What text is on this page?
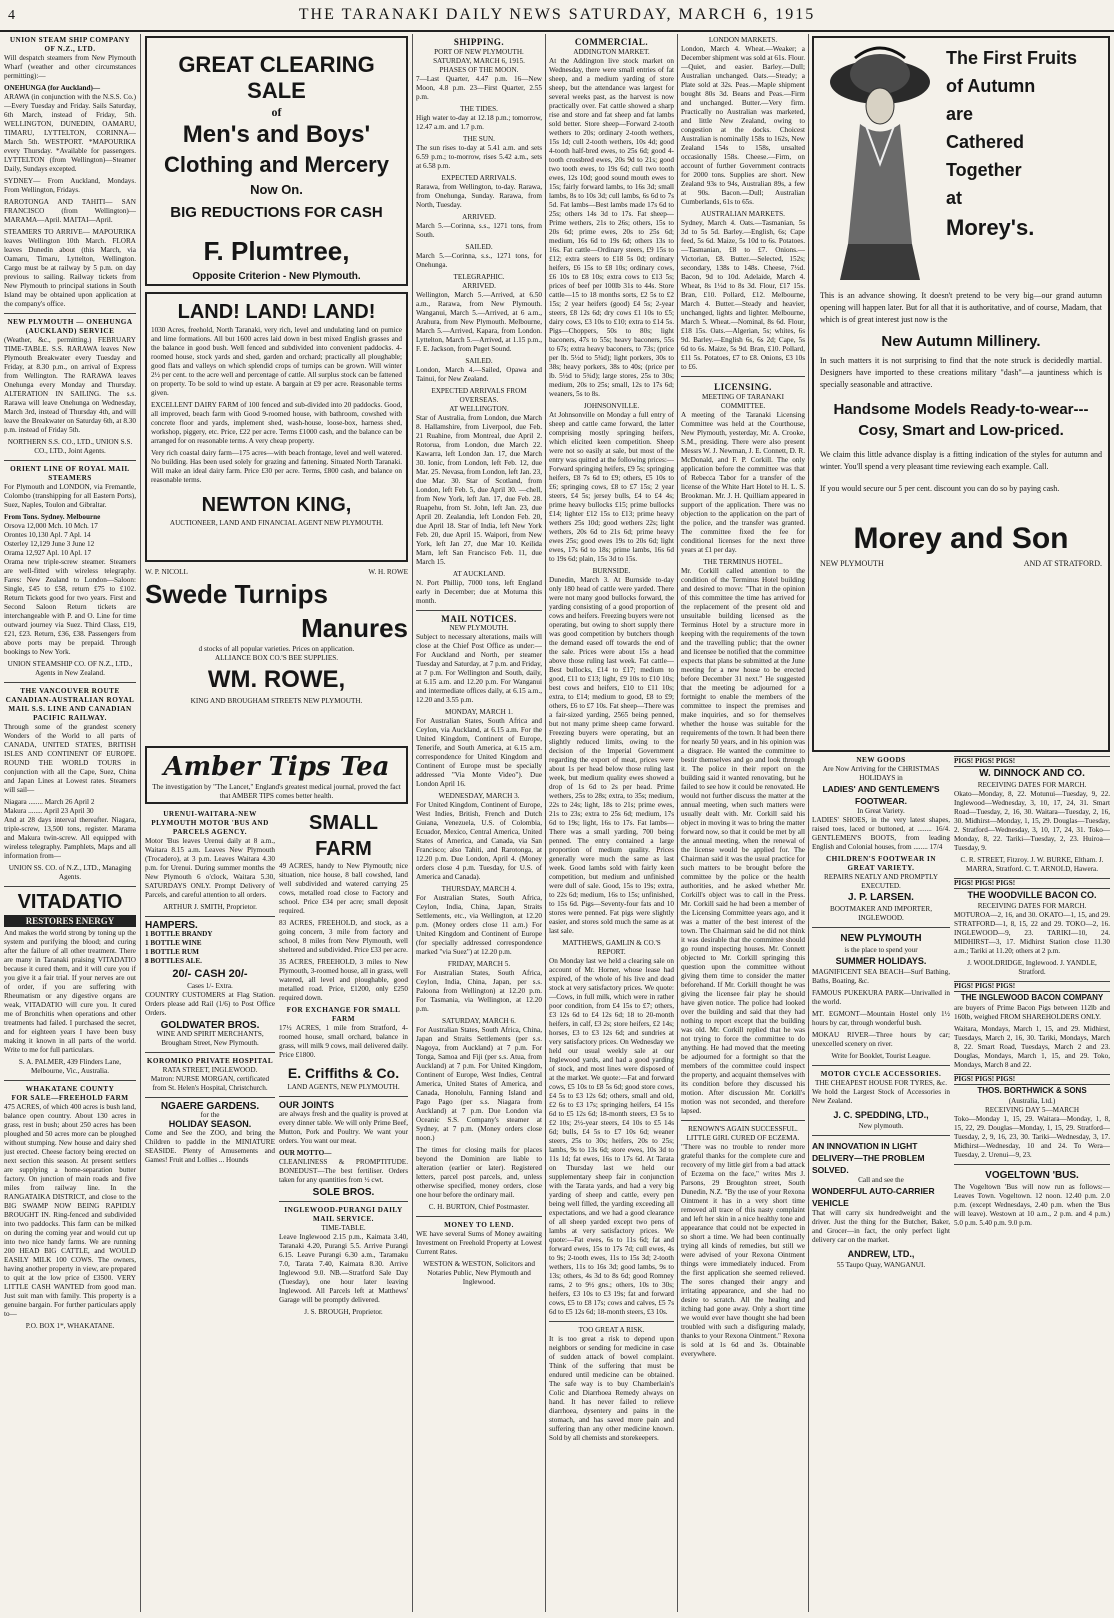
4	THE TARANAKI DAILY NEWS SATURDAY, MARCH 6, 1915
UNION STEAM SHIP COMPANY OF N.Z., LTD.
Will despatch steamers from New Plymouth Wharf (weather and other circumstances permitting):—
ONEHUNGA (for Auckland)—
ARAWA (in conjunction with the N.S.S. Co.)—Every Tuesday and Friday. Sails Saturday, 6th March, instead of Friday, 5th. WELLINGTON, DUNEDIN, OAMARU, TIMARU, LYTTELTON, CORINNA—March 5th. WESTPORT. *MAPOURIKA every Thursday. *Available for passengers. LYTTELTON (from Wellington)—Steamer Daily, Sundays excepted.
SYDNEY— From Auckland, Mondays. From Wellington, Fridays.
RAROTONGA AND TAHITI— SAN FRANCISCO (from Wellington)— MARAMA—April. MAITAI—April.
STEAMERS TO ARRIVE— MAPOURIKA leaves Wellington 10th March. FLORA leaves Dunedin about (this March, via Oamaru, Timaru, Lyttelton, Wellington. Cargo must be at railway by 5 p.m. on day previous to sailing. Railway tickets from New Plymouth to principal stations in South Island may be obtained upon application at the company's office.
NEW PLYMOUTH — ONEHUNGA (AUCKLAND) SERVICE
(Weather, &c., permitting.) FEBRUARY TIME-TABLE. S.S. RARAWA leaves New Plymouth Breakwater every Tuesday and Friday, at 8.30 p.m., on arrival of Express from Wellington. The RARAWA leaves Onehunga every Monday and Thursday. ALTERATION IN SAILING. The s.s. Rarawa will leave Onehunga on Wednesday, March 3rd, instead of Thursday 4th, and will leave the Breakwater on Saturday 6th, at 8.30 p.m. instead of Friday 5th.
NORTHERN S.S. CO., LTD., UNION S.S. CO., LTD., Joint Agents.
ORIENT LINE OF ROYAL MAIL STEAMERS
For Plymouth and LONDON, via Fremantle, Colombo (transhipping for all Eastern Ports), Suez, Naples, Toulon and Gibraltar.
From Tons. Sydney. Melbourne
Orsova 12,000 Mch. 10 Mch. 17
Orontes 10,130 Apl. 7 Apl. 14
Osterley 12,129 June 3 June 12
Orama 12,927 Apl. 10 Apl. 17
Orama new triple-screw steamer. Steamers are well-fitted with wireless telegraphy. Fares: New Zealand to London—Saloon: Single, £45 to £58, return £75 to £102. Return Tickets good for two years. First and Second Saloon Return tickets are interchangeable with P. and O. Line for time outward journey via Suez. Third Class, £19, £21, £23. Return, £36, £38. Passengers from above ports may be prepaid. Through bookings to New York.
UNION STEAMSHIP CO. OF N.Z., LTD., Agents in New Zealand.
THE VANCOUVER ROUTE CANADIAN-AUSTRALIAN ROYAL MAIL S.S. LINE AND CANADIAN PACIFIC RAILWAY.
Through some of the grandest scenery Wonders of the World to all parts of CANADA, UNITED STATES, BRITISH ISLES AND CONTINENT OF EUROPE. ROUND THE WORLD TOURS in conjunction with all the Cape, Suez, China and Japan Lines at Lowest rates. Steamers will sail—
Niagara ........ March 26 April 2
Makura ........ April 23 April 30
And at 28 days interval thereafter. Niagara, triple-screw, 13,500 tons, register. Marama and Makura twin-screw. All equipped with wireless telegraphy. Pamphlets, Maps and all information from—
UNION SS. CO. of N.Z., LTD., Managing Agents.
VITADATIO
RESTORES ENERGY
And makes the world strong by toning up the system and purifying the blood; and curing after the failure of all other treatment. There are many in Taranaki praising VITADATIO because it cured them, and it will cure you if you give it a fair trial. If your nerves are out of order, if you are suffering with Rheumatism or any digestive organs are weak, VITADATIO will cure you. It cured me of Bronchitis when operations and other treatments had failed. I purchased the secret, and for eighteen years I have been busy making it known in all parts of the world. Write to me for full particulars.
S. A. PALMER, 439 Flinders Lane, Melbourne, Vic., Australia.
WHAKATANE COUNTY
FOR SALE—FREEHOLD FARM
475 ACRES, of which 400 acres is bush land, balance open country. About 130 acres in grass, rest in bush; about 250 acres has been ploughed and 50 acres more can be ploughed without stumping. New house and dairy shed just erected. Cheese factory being erected on next section this season. At present settlers are supplying a home-separation butter factory. On junction of main roads and five miles from railway line. In the RANGATAIKA DISTRICT, and close to the BIG SWAMP NOW BEING RAPIDLY BROUGHT IN. Ring-fenced and subdivided into two paddocks. This farm can be milked on during the coming year and would cut up into two nice handy farms. We are running 200 HEAD BIG CATTLE, and WOULD EASILY MILK 100 COWS. The owners, having another property in view, are prepared to quit at the low price of £3500. VERY LITTLE CASH WANTED from good man. Just suit man with family. This property is a genuine bargain. For further particulars apply to—
P.O. BOX 1*, WHAKATANE.
GREAT CLEARING SALE
of
Men's and Boys'
Clothing and Mercery
Now On.
BIG REDUCTIONS FOR CASH
F. Plumtree,
Opposite Criterion - New Plymouth.
LAND! LAND! LAND!
1030 Acres, freehold, North Taranaki, very rich, level and undulating land on pumice and lime formations. All but 1600 acres laid down in best mixed English grasses and the balance in good bush. Well fenced and subdivided into convenient paddocks. 4-roomed house, stock yards and shed, garden and orchard; practically all ploughable; good flats and valleys on which splendid crops of turnips can be grown. Will winter 2½ per cent. to the acre well and percentage of cattle. All surplus stock can be fattened on property. To be sold to wind up estate. A bargain at £9 per acre. Reasonable terms given.
EXCELLENT DAIRY FARM of 100 fenced and sub-divided into 20 paddocks. Good, all improved, beach farm with Good 9-roomed house, with bathroom, cowshed with concrete floor and yards, implement shed, wash-house, loose-box, harness shed, workshop, piggery, etc. Price, £22 per acre. Terms £1000 cash, and the balance can be arranged for on reasonable terms. A very cheap property.
Very rich coastal dairy farm—175 acres—with beach frontage, level and well watered. No building. Has been used solely for grazing and fattening. Situated North Taranaki. Will make an ideal dairy farm. Price £30 per acre. Terms, £800 cash, and balance on reasonable terms.
NEWTON KING,
AUCTIONEER, LAND AND FINANCIAL AGENT NEW PLYMOUTH.
W. P. NICOLL	W. H. ROWE
Swede Turnips
Manures
d stocks of all popular varieties. Prices on application.
ALLIANCE BOX CO.'S BEE SUPPLIES.
WM. ROWE,
KING AND BROUGHAM STREETS NEW PLYMOUTH.
Amber Tips Tea
The investigation by "The Lancet," England's greatest medical journal, proved the fact that AMBER TIPS comes better health.
URENUI-WAITARA-NEW PLYMOUTH MOTOR 'BUS AND PARCELS AGENCY.
Motor 'Bus leaves Urenui daily at 8 a.m., Waitara 8.15 a.m. Leaves New Plymouth (Trocadero), at 3 p.m. Leaves Waitara 4.30 p.m. for Urenui. During summer months the New Plymouth 6 o'clock, Waitara 5.30, SATURDAYS ONLY. Prompt Delivery of Parcels, and careful attention to all orders.
ARTHUR J. SMITH, Proprietor.
HAMPERS.
1 BOTTLE BRANDY
1 BOTTLE WINE
1 BOTTLE RUM
8 BOTTLES ALE.
20/- CASH 20/-
Cases 1/- Extra.
COUNTRY CUSTOMERS at Flag Station. Orders please add Rail (1/6) to Post Office Orders.
GOLDWATER BROS.
WINE AND SPIRIT MERCHANTS,
Brougham Street, New Plymouth.
KOROMIKO PRIVATE HOSPITAL
RATA STREET, INGLEWOOD.
Matron: NURSE MORGAN, certificated from St. Helen's Hospital, Christchurch.
NGAERE GARDENS.
for the
HOLIDAY SEASON.
Come and See the ZOO, and bring the Children to paddle in the MINIATURE SEASIDE. Plenty of Amusements and Games! Fruit and Lollies ... Hounds
SMALL FARM
49 ACRES, handy to New Plymouth; nice situation, nice house, 8 ball cowshed, land well subdivided and watered carrying 25 cows, metalled road close to Factory and school. Price £34 per acre; small deposit required.
83 ACRES, FREEHOLD, and stock, as a going concern, 3 mile from factory and school, 8 miles from New Plymouth, well sheltered and subdivided. Price £33 per acre.
35 ACRES, FREEHOLD, 3 miles to New Plymouth, 3-roomed house, all in grass, well watered, all level and ploughable, good metalled road. Price, £1200, only £250 required down.
FOR EXCHANGE FOR SMALL FARM
17½ ACRES, 1 mile from Stratford, 4-roomed house, small orchard, balance in grass, will milk 9 cows, mail delivered daily. Price £1800.
E. Criffiths & Co.
LAND AGENTS, NEW PLYMOUTH.
OUR JOINTS
are always fresh and the quality is proved at every dinner table. We will only Prime Beef, Mutton, Pork and Poultry. We want your orders. You want our meat.
OUR MOTTO—
CLEANLINESS & PROMPTITUDE. BONEDUST—The best fertiliser. Orders taken for any quantities from ½ cwt.
SOLE BROS.
INGLEWOOD-PURANGI DAILY MAIL SERVICE.
TIME-TABLE.
Leave Inglewood 2.15 p.m., Kaimata 3.40, Taranaki 4.20, Purangi 5.5. Arrive Purangi 6.15. Leave Purangi 6.30 a.m., Taramaku 7.0, Tarata 7.40, Kaimata 8.30. Arrive Inglewood 9.0. NB.—Stratford Sale Day (Tuesday), one hour later leaving Inglewood. All Parcels left at Matthews' Garage will be promptly delivered.
J. S. BROUGH, Proprietor.
SHIPPING.
PORT OF NEW PLYMOUTH.
SATURDAY, MARCH 6, 1915.
PHASES OF THE MOON.
7—Last Quarter, 4.47 p.m. 16—New Moon, 4.8 p.m. 23—First Quarter, 2.55 p.m.
THE TIDES.
High water to-day at 12.18 p.m.; tomorrow, 12.47 a.m. and 1.7 p.m.
THE SUN.
The sun rises to-day at 5.41 a.m. and sets 6.59 p.m.; to-morrow, rises 5.42 a.m., sets at 6.58 p.m.
EXPECTED ARRIVALS.
Rarawa, from Wellington, to-day. Rarawa, from Onehunga, Sunday. Rarawa, from North, Tuesday.
ARRIVED.
March 5.—Corinna, s.s., 1271 tons, from South.
SAILED.
March 5.—Corinna, s.s., 1271 tons, for Onehunga.
TELEGRAPHIC.
ARRIVED.
Wellington, March 5.—Arrived, at 6.50 a.m., Rarawa, from New Plymouth. Wanganui, March 5.—Arrived, at 6 a.m., Arahura, from New Plymouth. Melbourne, March 5.—Arrived, Kapara, from London. Lyttelton, March 5.—Arrived, at 1.15 p.m., F. E. Jackson, from Puget Sound.
SAILED.
London, March 4.—Sailed, Opawa and Tainui, for New Zealand.
EXPECTED ARRIVALS FROM OVERSEAS.
AT WELLINGTON.
Star of Australia, from London, due March 8. Hallamshire, from Liverpool, due Feb. 21 Ruahine, from Montreal, due April 2. Rotorua, from London, due March 22. Kawarra, left London Jan. 17, due March 30. Ionic, from London, left Feb. 12, due Mar. 25. Nevasa, from London, left Jan. 23, due Mar. 30. Star of Scotland, from London, left Feb. 5, due April 30. —chell, from New York, left Jan. 17, due Feb. 28. Ruapehu, from St. John, left Jan. 23, due April 20. Zealandia, left London Feb. 20, due April 18. Star of India, left New York Feb. 20, due April 15. Waipori, from New York, left Jan 27, due Mar 10. Keilida Marn, left San Francisco Feb. 11, due March 15.
AT AUCKLAND.
N. Port Phillip, 7000 tons, left England early in December; due at Motuma this month.
MAIL NOTICES.
NEW PLYMOUTH.
Subject to necessary alterations, mails will close at the Chief Post Office as under:— For Auckland and North, per steamer Tuesday and Saturday, at 7 p.m. and Friday, at 7 p.m. For Wellington and South, daily, at 6.15 a.m. and 12.20 p.m. For Wanganui and intermediate offices daily, at 6.15 a.m., 12.20 and 3.55 p.m.
MONDAY, MARCH 1.
For Australian States, South Africa and Ceylon, via Auckland, at 6.15 a.m. For the United Kingdom, Continent of Europe, Tenerife, and South America, at 6.15 a.m. correspondence for United Kingdom and Continent of Europe must be specially addressed "Via Monte Video"). Due London April 16.
WEDNESDAY, MARCH 3.
For United Kingdom, Continent of Europe, West Indies, British, French and Dutch Guiana, Venezuela, U.S. of Colombia, Ecuador, Mexico, Central America, United States of America, and Canada, via San Francisco; also Tahiti, and Rarotonga, at 12.20 p.m. Due London, April 4. (Money orders close 4 p.m. Tuesday, for U.S. of America and Canada).
THURSDAY, MARCH 4.
For Australian States, South Africa, Ceylon, India, China, Japan, Straits Settlements, etc., via Wellington, at 12.20 p.m. (Money orders close 11 a.m.) For United Kingdom and Continent of Europe (for specially addressed correspondence marked "via Suez") at 12.20 p.m.
FRIDAY, MARCH 5.
For Australian States, South Africa, Ceylon, India, China, Japan, per s.s. Paloona from Wellington) at 12.20 p.m. For Tasmania, via Wellington, at 12.20 p.m.
SATURDAY, MARCH 6.
For Australian States, South Africa, China, Japan and Straits Settlements (per s.s. Nagoya, from Auckland) at 7 p.m. For Tonga, Samoa and Fiji (per s.s. Atua, from Auckland) at 7 p.m. For United Kingdom, Continent of Europe, West Indies, Central America, United States of America, and Canada, Honolulu, Fanning Island and Pago Pago (per s.s. Niagara from Auckland) at 7 p.m. Due London via Oceanic S.S. Company's steamer at Sydney, at 7 p.m. (Money orders close noon.)
The times for closing mails for places beyond the Dominion are liable to alteration (earlier or later). Registered letters, parcel post parcels, and, unless otherwise specified, money orders, close one hour before the ordinary mail.
C. H. BURTON, Chief Postmaster.
MONEY TO LEND.
WE have several Sums of Money awaiting Investment on Freehold Property at Lowest Current Rates.
WESTON & WESTON, Solicitors and Notaries Public, New Plymouth and Inglewood.
COMMERCIAL.
ADDINGTON MARKET.
At the Addington live stock market on Wednesday, there were small entries of fat sheep, and a medium yarding of store sheep, but the attendance was largest for several weeks past, as the harvest is now practically over. Fat cattle showed a sharp rise and store and fat sheep and fat lambs sold better. Store sheep—Forward 2-tooth wethers to 20s; ordinary 2-tooth wethers, 15s 1d; cull 2-tooth wethers, 10s 4d; good 4-tooth half-bred ewes, to 25s 6d; good 4-tooth crossbred ewes, 20s 9d to 21s; good two tooth ewes, to 19s 6d; cull two tooth ewes, 12s 10d; good sound mouth ewes to 15s; fairly forward lambs, to 16s 3d; small lambs, 8s to 10s 3d; cull lambs, 6s 6d to 7s 5d. Fat lambs—Best lambs made 17s 6d to 25s; others 14s 3d to 17s. Fat sheep—Prime wethers, 21s to 26s; others, 15s to 20s 6d; prime ewes, 20s to 25s 6d; medium, 16s 6d to 19s 6d; others 13s to 16s. Fat cattle—Ordinary steers, £9 15s to £12; extra steers to £18 5s 0d; ordinary heifers, £6 15s to £8 10s; ordinary cows, £6 10s to £8 10s; extra cows to £13 5s; prices of beef per 100lb 31s to 44s. Store cattle—15 to 18 months sorts, £2 5s to £2 15s; 2 year heifers (good) £4 5s; 2-year steers, £8 12s 6d; dry cows £1 10s to £5; dairy cows, £3 10s to £10; extra to £14 5s. Pigs—Choppers, 50s to 80s; light baconers, 47s to 55s; heavy baconers, 55s to 67s; extra heavy baconers, to 73s; (price per lb. 5½d to 5¾d); light porkers, 30s to 38s; heavy porkers, 38s to 40s; (price per lb. 5½d to 5¾d); large stores, 25s to 30s; medium, 20s to 25s; small, 12s to 17s 6d; weaners, 5s to 8s.
JOHNSONVILLE.
At Johnsonville on Monday a full entry of sheep and cattle came forward, the latter comprising mostly springing heifers, which elicited keen competition. Sheep were not so easily at sale, but most of the entry was quitted at the following prices:—Forward springing heifers, £9 5s; springing heifers, £8 7s 6d to £9; others, £5 10s to £6; springing cows, £8 to £7 15s; 2 year steers, £4 5s; jersey bulls, £4 to £4 4s; prime heavy bullocks £15; prime bullocks £14; lighter £12 15s to £13; prime heavy wethers 25s 10d; good wethers 22s; light wethers, 20s 6d to 21s 6d; prime heavy ewes 25s; good ewes 19s to 20s 6d; light ewes, 17s 6d to 18s; prime lambs, 16s 6d to 19s 6d; plain, 15s 3d to 15s.
BURNSIDE.
Dunedin, March 3. At Burnside to-day only 180 head of cattle were yarded. There were not many good bullocks forward, the yarding consisting of a good proportion of cows and heifers. Freezing buyers were not operating, but owing to short supply there was good competition by butchers though the demand eased off towards the end of the sale. Prices were about 15s a head above those ruling last week. Fat cattle—Best bullocks, £14 to £17; medium to good, £11 to £13; light, £9 10s to £10 10s; best cows and heifers, £10 to £11 10s; extra, to £14; medium to good, £8 to £9; others, £6 to £7 10s. Fat sheep—There was a fair-sized yarding, 2565 being penned, but not many prime sheep came forward. Freezing buyers were operating, but an slightly reduced limits, owing to the decision of the Imperial Government regarding the export of meat, prices were about 1s per head below those ruling last week, but medium quality ewes showed a drop of 1s 6d to 2s per head. Prime wethers, 25s to 28s; extra, to 35s; medium, 22s to 24s; light, 18s to 21s; prime ewes, 21s to 23s; extra to 25s 6d; medium, 17s 6d to 19s; light, 16s to 17s. Fat lambs—There was a small yarding, 700 being penned. The entry contained a large proportion of medium quality. Prices generally were much the same as last week. Good lambs sold with fairly keen competition, but medium and unfinished were dull of sale. Good, 15s to 19s; extra, to 22s 6d; medium, 16s to 15s; unfinished, to 15s 6d. Pigs—Seventy-four fats and 10 stores were penned. Fat pigs were slightly easier, and stores sold much the same as at last sale.
MATTHEWS, GAMLIN & CO.'S REPORT.
On Monday last we held a clearing sale on account of Mr. Horner, whose lease had expired, of the whole of his live and dead stock at very satisfactory prices. We quote:—Cows, in full milk, which were in rather poor condition, from £4 15s to £7; others, £3 12s 6d to £4 12s 6d; 18 to 20-month heifers, in calf, £3 2s; store heifers, £2 14s; horses, £3 to £3 12s 6d; and sundries at very satisfactory prices. On Wednesday we held our usual weekly sale at our Inglewood yards, and had a good yarding of stock, and most lines were disposed of at the market. We quote:—Fat and forward cows, £5 10s to £8 5s 6d; good store cows, £4 5s to £3 12s 6d; others, small and old, £2 6s to £3 17s; springing heifers, £4 15s 6d to £5 12s 6d; 18-month steers, £3 5s to £2 10s; 2½-year steers, £4 10s to £5 14s 6d; bulls, £4 5s to £7 10s 6d; weaner steers, 25s to 30s; heifers, 20s to 25s; lambs, 9s to 13s 6d; store ewes, 10s 3d to 11s 1d; fat ewes, 16s to 17s 6d. At Tarata on Thursday last we held our supplementary sheep fair in conjunction with the Tarata yards, and had a very big yarding of sheep and cattle, every pen being well filled, the yarding exceeding all expectations, and we had a good clearance of all sheep yarded except two pens of lambs at very satisfactory prices. We quote:—Fat ewes, 6s to 11s 6d; fat and forward ewes, 15s to 17s 7d; cull ewes, 4s to 9s; 2-tooth ewes, 11s to 15s 3d; 2-tooth wethers, 11s to 16s 3d; good lambs, 9s to 13s; others, 4s 3d to 8s 6d; good Romney rams, 2 to 9½ gns.; others, 10s to 30s; heifers, £3 10s to £3 19s; fat and forward cows, £5 to £8 17s; cows and calves, £5 7s 6d to £5 12s 6d; 18-month steers, £3 10s.
TOO GREAT A RISK.
It is too great a risk to depend upon neighbors or sending for medicine in case of sudden attack of bowel complaint. Think of the suffering that must be endured until medicine can be obtained. The safe way is to buy Chamberlain's Colic and Diarrhoea Remedy always on hand. It has never failed to relieve diarrhoea, dysentery and pains in the stomach, and has saved more pain and suffering than any other medicine known. Sold by all chemists and storekeepers.
LONDON MARKETS.
London, March 4. Wheat.—Weaker; a December shipment was sold at 61s. Flour.—Quiet, and easier. Barley.—Dull; Australian unchanged. Oats.—Steady; a Plate sold at 32s. Peas.—Maple shipment bought 80s 3d. Beans and Peas.—Firm and unchanged. Butter.—Very firm. Practically no Australian was marketed, and little New Zealand, owing to congestion at the docks. Choicest Australian is nominally 158s to 162s, New Zealand 154s to 158s, unsalted occasionally 158s. Cheese.—Firm, on account of further Government contracts for 2000 tons. Supplies are short. New Zealand 93s to 94s, Australian 89s, a few at 90s. Bacon.—Dull; Australian Cumberlands, 61s to 65s.
AUSTRALIAN MARKETS.
Sydney, March 4. Oats.—Tasmanian, 5s 3d to 5s 5d. Barley.—English, 6s; Cape feed, 5s 6d. Maize, 5s 10d to 6s. Potatoes.—Tasmanian, £8 to £7. Onions.—Victorian, £8. Butter.—Selected, 152s; secondary, 138s to 148s. Cheese, 7½d. Bacon, 9d to 10d. Adelaide, March 4. Wheat, 8s 1½d to 8s 3d. Flour, £17 15s. Bran, £10. Pollard, £12. Melbourne, March 4. Butter.—Steady and heavier, unchanged, lights and lighter. Melbourne, March 5. Wheat.—Nominal, 8s 6d. Flour, £18 15s. Oats.—Algerian, 5s; whites, 6s 9d. Barley.—English 6s, 6s 2d; Cape, 5s 6d to 6s. Maize, 5s 9d. Bran, £10. Pollard, £11 5s. Potatoes, £7 to £8. Onions, £3 10s to £6.
LICENSING.
MEETING OF TARANAKI COMMITTEE.
A meeting of the Taranaki Licensing Committee was held at the Courthouse, New Plymouth, yesterday, Mr. A. Crooke, S.M., presiding. There were also present Messrs W. J. Newman, J. E. Connett, D. R. McDonald, and F. P. Corkill. The only application before the committee was that of Rebecca Tabor for a transfer of the license of the White Hart Hotel to H. L. S. Brookman. Mr. J. H. Quilliam appeared in support of the application. There was no objection to the application on the part of the police, and the transfer was granted. The committee fixed the fee for conditional licenses for the next three years at £1 per day.
THE TERMINUS HOTEL.
Mr. Corkill called attention to the condition of the Terminus Hotel building and desired to move: "That in the opinion of this committee the time has arrived for the replacement of the present old and unsuitable building licensed as the Terminus Hotel by a structure more in keeping with the requirements of the town and the travelling public; that the owner and licensee be notified that the committee expects that plans be submitted at the June meeting for a new house to be erected before December 31 next." He suggested that the meeting be adjourned for a fortnight to enable the members of the committee to inspect the premises and make inquiries, and so for themselves whether the house was suitable for the requirements of the town. It had been there for nearly 50 years, and in his opinion was a disgrace. He wanted the committee to bestir themselves and go and look through it. The police in their report on the building said it wanted renovating, but he failed to see how it could be renovated. He would not further discuss the matter at the annual meeting, when such matters were usually dealt with. Mr. Corkill said his object in moving it was to bring the matter forward now, so that it could be met by all the annual meeting, when the renewal of the license would be applied for. The Chairman said it was the usual practice for such matters to be brought before the committee by the police or the health authorities, and he asked whether Mr. Corkill's object was to call in the Press. Mr. Corkill said he had been a member of the Licensing Committee years ago, and it was a matter of the best interest of the town. The Chairman said he did not think it was desirable that the committee should go round inspecting houses. Mr. Connett objected to Mr. Corkill springing this question upon the committee without giving them time to consider the matter beforehand. If Mr. Corkill thought he was giving the licensee fair play he should have given notice. The police had looked over the building and said that they had nothing to report except that the building was old. Mr. Corkill replied that he was not trying to force the committee to do anything. He had moved that the meeting be adjourned for a fortnight so that the members of the committee could inspect the property, and acquaint themselves with its condition before they discussed his motion. After discussion Mr. Corkill's motion was not seconded, and therefore lapsed.
RENOWN'S AGAIN SUCCESSFUL. LITTLE GIRL CURED OF ECZEMA.
"There was no trouble to render more grateful thanks for the complete cure and recovery of my little girl from a bad attack of Eczema on the face," writes Mrs J. Parsons, 29 Broughton street, South Dunedin, N.Z. "By the use of your Rexona Ointment it has in a very short time removed all trace of this nasty complaint and left her skin in a nice healthy tone and appearance that could not be expected in so short a time. We had been continually trying all kinds of remedies, but still we were advised of your Rexona Ointment things were immediately induced. From the first application she seemed relieved. The sores changed their angry and irritating appearance, and she had no desire to scratch. All the healing and itching had gone away. Only a short time we would ever have thought she had been troubled with such a disfiguring malady, thanks to your Rexona Ointment." Rexona is sold at 1s 6d and 3s. Obtainable everywhere.
The First Fruits
of Autumn
are
Cathered
Together
at
Morey's.
This is an advance showing. It doesn't pretend to be very big—our grand autumn opening will happen later. But for all that it is authoritative, and of course, Madam, that which is of great interest just now is the
New Autumn Millinery.
In such matters it is not surprising to find that the note struck is decidedly martial. Designers have imported to these creations military "dash"—a jauntiness which is specially seasonable and attractive.
Handsome Models Ready-to-wear---Cosy, Smart and Low-priced.
We claim this little advance display is a fitting indication of the styles for autumn and winter. You'll spend a very pleasant time reviewing each example. Call.
If you would secure our 5 per cent. discount you can do so by paying cash.
Morey and Son
NEW PLYMOUTH	AND AT STRATFORD.
NEW GOODS
Are Now Arriving for the CHRISTMAS HOLIDAYS in
LADIES' AND GENTLEMEN'S FOOTWEAR.
In Great Variety.
LADIES' SHOES, in the very latest shapes, raised toes, laced or buttoned, at ........ 16/4. GENTLEMEN'S BOOTS, from leading English and Colonial houses, from ........ 17/4
CHILDREN'S FOOTWEAR IN GREAT VARIETY.
REPAIRS NEATLY AND PROMPTLY EXECUTED.
J. P. LARSEN.
BOOTMAKER AND IMPORTER, INGLEWOOD.
NEW PLYMOUTH
is the place to spend your
SUMMER HOLIDAYS.
MAGNIFICENT SEA BEACH—Surf Bathing, Baths, Boating, &c.
FAMOUS PUKEKURA PARK—Unrivalled in the world.
MT. EGMONT—Mountain Hostel only 1½ hours by car, through wonderful bush.
MOKAU RIVER—Three hours by car; unexcelled scenery on river.
Write for Booklet, Tourist League.
MOTOR CYCLE ACCESSORIES.
THE CHEAPEST HOUSE FOR TYRES, &c.
We hold the Largest Stock of Accessories in New Zealand.
J. C. SPEDDING, LTD.,
New plymouth.
AN INNOVATION IN LIGHT DELIVERY—THE PROBLEM SOLVED.
Call and see the
WONDERFUL AUTO-CARRIER VEHICLE
That will carry six hundredweight and the driver. Just the thing for the Butcher, Baker, and Grocer—in fact, the only perfect light delivery car on the market.
ANDREW, LTD.,
55 Taupo Quay, WANGANUI.
PIGS! PIGS! PIGS!
W. DINNOCK AND CO.
RECEIVING DATES FOR MARCH.
Okato—Monday, 8, 22. Motunui—Tuesday, 9, 22. Inglewood—Wednesday, 3, 10, 17, 24, 31. Smart Road—Tuesday, 2, 16, 30. Waitara—Tuesday, 2, 16, 30. Midhirst—Monday, 1, 15, 29. Douglas—Tuesday, 2. Stratford—Wednesday, 3, 10, 17, 24, 31. Toko—Monday, 8, 22. Tariki—Tuesday, 2, 23. Huiroa—Tuesday, 9.
C. R. STREET, Fitzroy. J. W. BURKE, Eltham. J. MARRA, Stratford. C. T. ARNOLD, Hawera.
PIGS! PIGS! PIGS!
THE WOODVILLE BACON CO.
RECEIVING DATES FOR MARCH.
MOTUROA—2, 16, and 30. OKATO—1, 15, and 29. STRATFORD—1, 8, 15, 22 and 29. TOKO—2, 16. INGLEWOOD—9, 23. TARIKI—10, 24. MIDHIRST—3, 17. Midhirst Station close 11.30 a.m.; Tariki at 11.20; others at 2 p.m.
J. WOOLDRIDGE, Inglewood. J. YANDLE, Stratford.
PIGS! PIGS! PIGS!
THE INGLEWOOD BACON COMPANY
are buyers of Prime Bacon Pigs between 112lb and 160lb, weighed FROM SHAREHOLDERS ONLY.
Waitara, Mondays, March 1, 15, and 29. Midhirst, Tuesdays, March 2, 16, 30. Tariki, Mondays, March 8, 22. Smart Road, Tuesdays, March 2 and 23. Douglas, Mondays, March 1, 15, and 29. Toko, Mondays, March 8 and 22.
PIGS! PIGS! PIGS!
THOS. BORTHWICK & SONS
(Australia, Ltd.)
RECEIVING DAY 5—MARCH
Toko—Monday 1, 15, 29. Waitara—Monday, 1, 8, 15, 22, 29. Douglas—Monday, 1, 15, 29. Stratford—Tuesday, 2, 9, 16, 23, 30. Tariki—Wednesday, 3, 17. Midhirst—Wednesday, 10 and 24. To Wera—Tuesday, 2. Urenui—9, 23.
VOGELTOWN 'BUS.
The Vogeltown 'Bus will now run as follows:— Leaves Town. Vogeltown. 12 noon. 12.40 p.m. 2.0 p.m. (except Wednesdays, 2.40 p.m. when the 'Bus will leave). Westown at 10 a.m., 2 p.m. and 4 p.m.) 5.0 p.m. 5.40 p.m. 9.0 p.m.
